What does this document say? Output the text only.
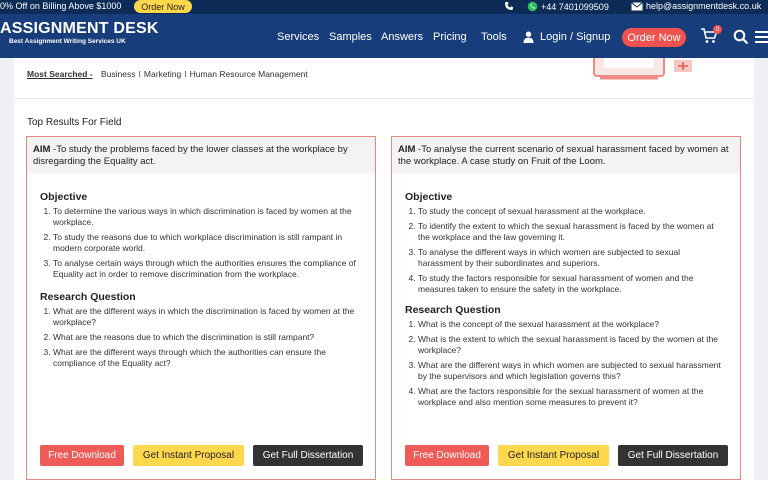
0% Off on Billing Above $1000	Order Now	+44 7401099509	help@assignmentdesk.co.uk
ASSIGNMENT DESK
Best Assignment Writing Services UK	Services Samples Answers Pricing Tools	Login / Signup	Order Now
0
Most Searched - Business I Marketing I Human Resource Management
Top Results For Field
AIM -To study the problems faced by the lower classes at the workplace by disregarding the Equality act.
Objective
1. To determine the various ways in which discrimination is faced by women at the workplace.
2. To study the reasons due to which workplace discrimination is still rampant in modern corporate world.
3. To analyse certain ways through which the authorities ensures the compliance of Equality act in order to remove discrimination from the workplace.
Research Question
1. What are the different ways in which the discrimination is faced by women at the workplace?
2. What are the reasons due to which the discrimination is still rampant?
3. What are the different ways through which the authorities can ensure the compliance of the Equality act?
Free Download	Get Instant Proposal	Get Full Dissertation
AIM -To analyse the current scenario of sexual harassment faced by women at the workplace. A case study on Fruit of the Loom.
Objective
1. To study the concept of sexual harassment at the workplace.
2. To identify the extent to which the sexual harassment is faced by the women at the workplace and the law governing it.
3. To analyse the different ways in which women are subjected to sexual harassment by their subordinates and superiors.
4. To study the factors responsible for sexual harassment of women and the measures taken to ensure the safety in the workplace.
Research Question
1. What is the concept of the sexual harassment at the workplace?
2. What is the extent to which the sexual harassment is faced by the women at the workplace?
3. What are the different ways in which women are subjected to sexual harassment by the supervisors and which legislation governs this?
4. What are the factors responsible for the sexual harassment of women at the workplace and also mention some measures to prevent it?
Free Download	Get Instant Proposal	Get Full Dissertation
